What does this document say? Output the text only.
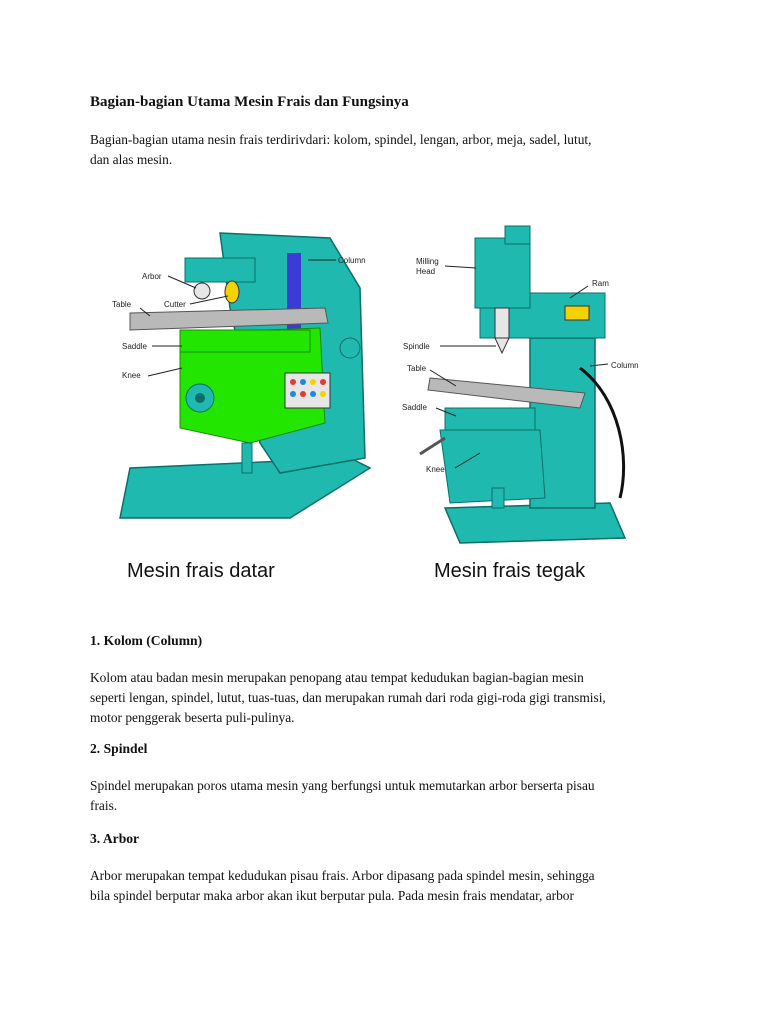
Bagian-bagian Utama Mesin Frais dan Fungsinya

Bagian-bagian utama nesin frais terdirivdari: kolom, spindel, lengan, arbor, meja, sadel, lutut,

dan alas mesin.

Arbor
Cutter
Table
Saddle
Knee
Column	Milling
Head
Ram
Spindle
Table	Column
Saddle
Knee
Mesin frais datar	Mesin frais tegak
1. Kolom (Column)

Kolom atau badan mesin merupakan penopang atau tempat kedudukan bagian-bagian mesin

seperti lengan, spindel, lutut, tuas-tuas, dan merupakan rumah dari roda gigi-roda gigi transmisi,

motor penggerak beserta puli-pulinya.

2. Spindel

Spindel merupakan poros utama mesin yang berfungsi untuk memutarkan arbor berserta pisau

frais.

3. Arbor

Arbor merupakan tempat kedudukan pisau frais. Arbor dipasang pada spindel mesin, sehingga

bila spindel berputar maka arbor akan ikut berputar pula. Pada mesin frais mendatar, arbor
